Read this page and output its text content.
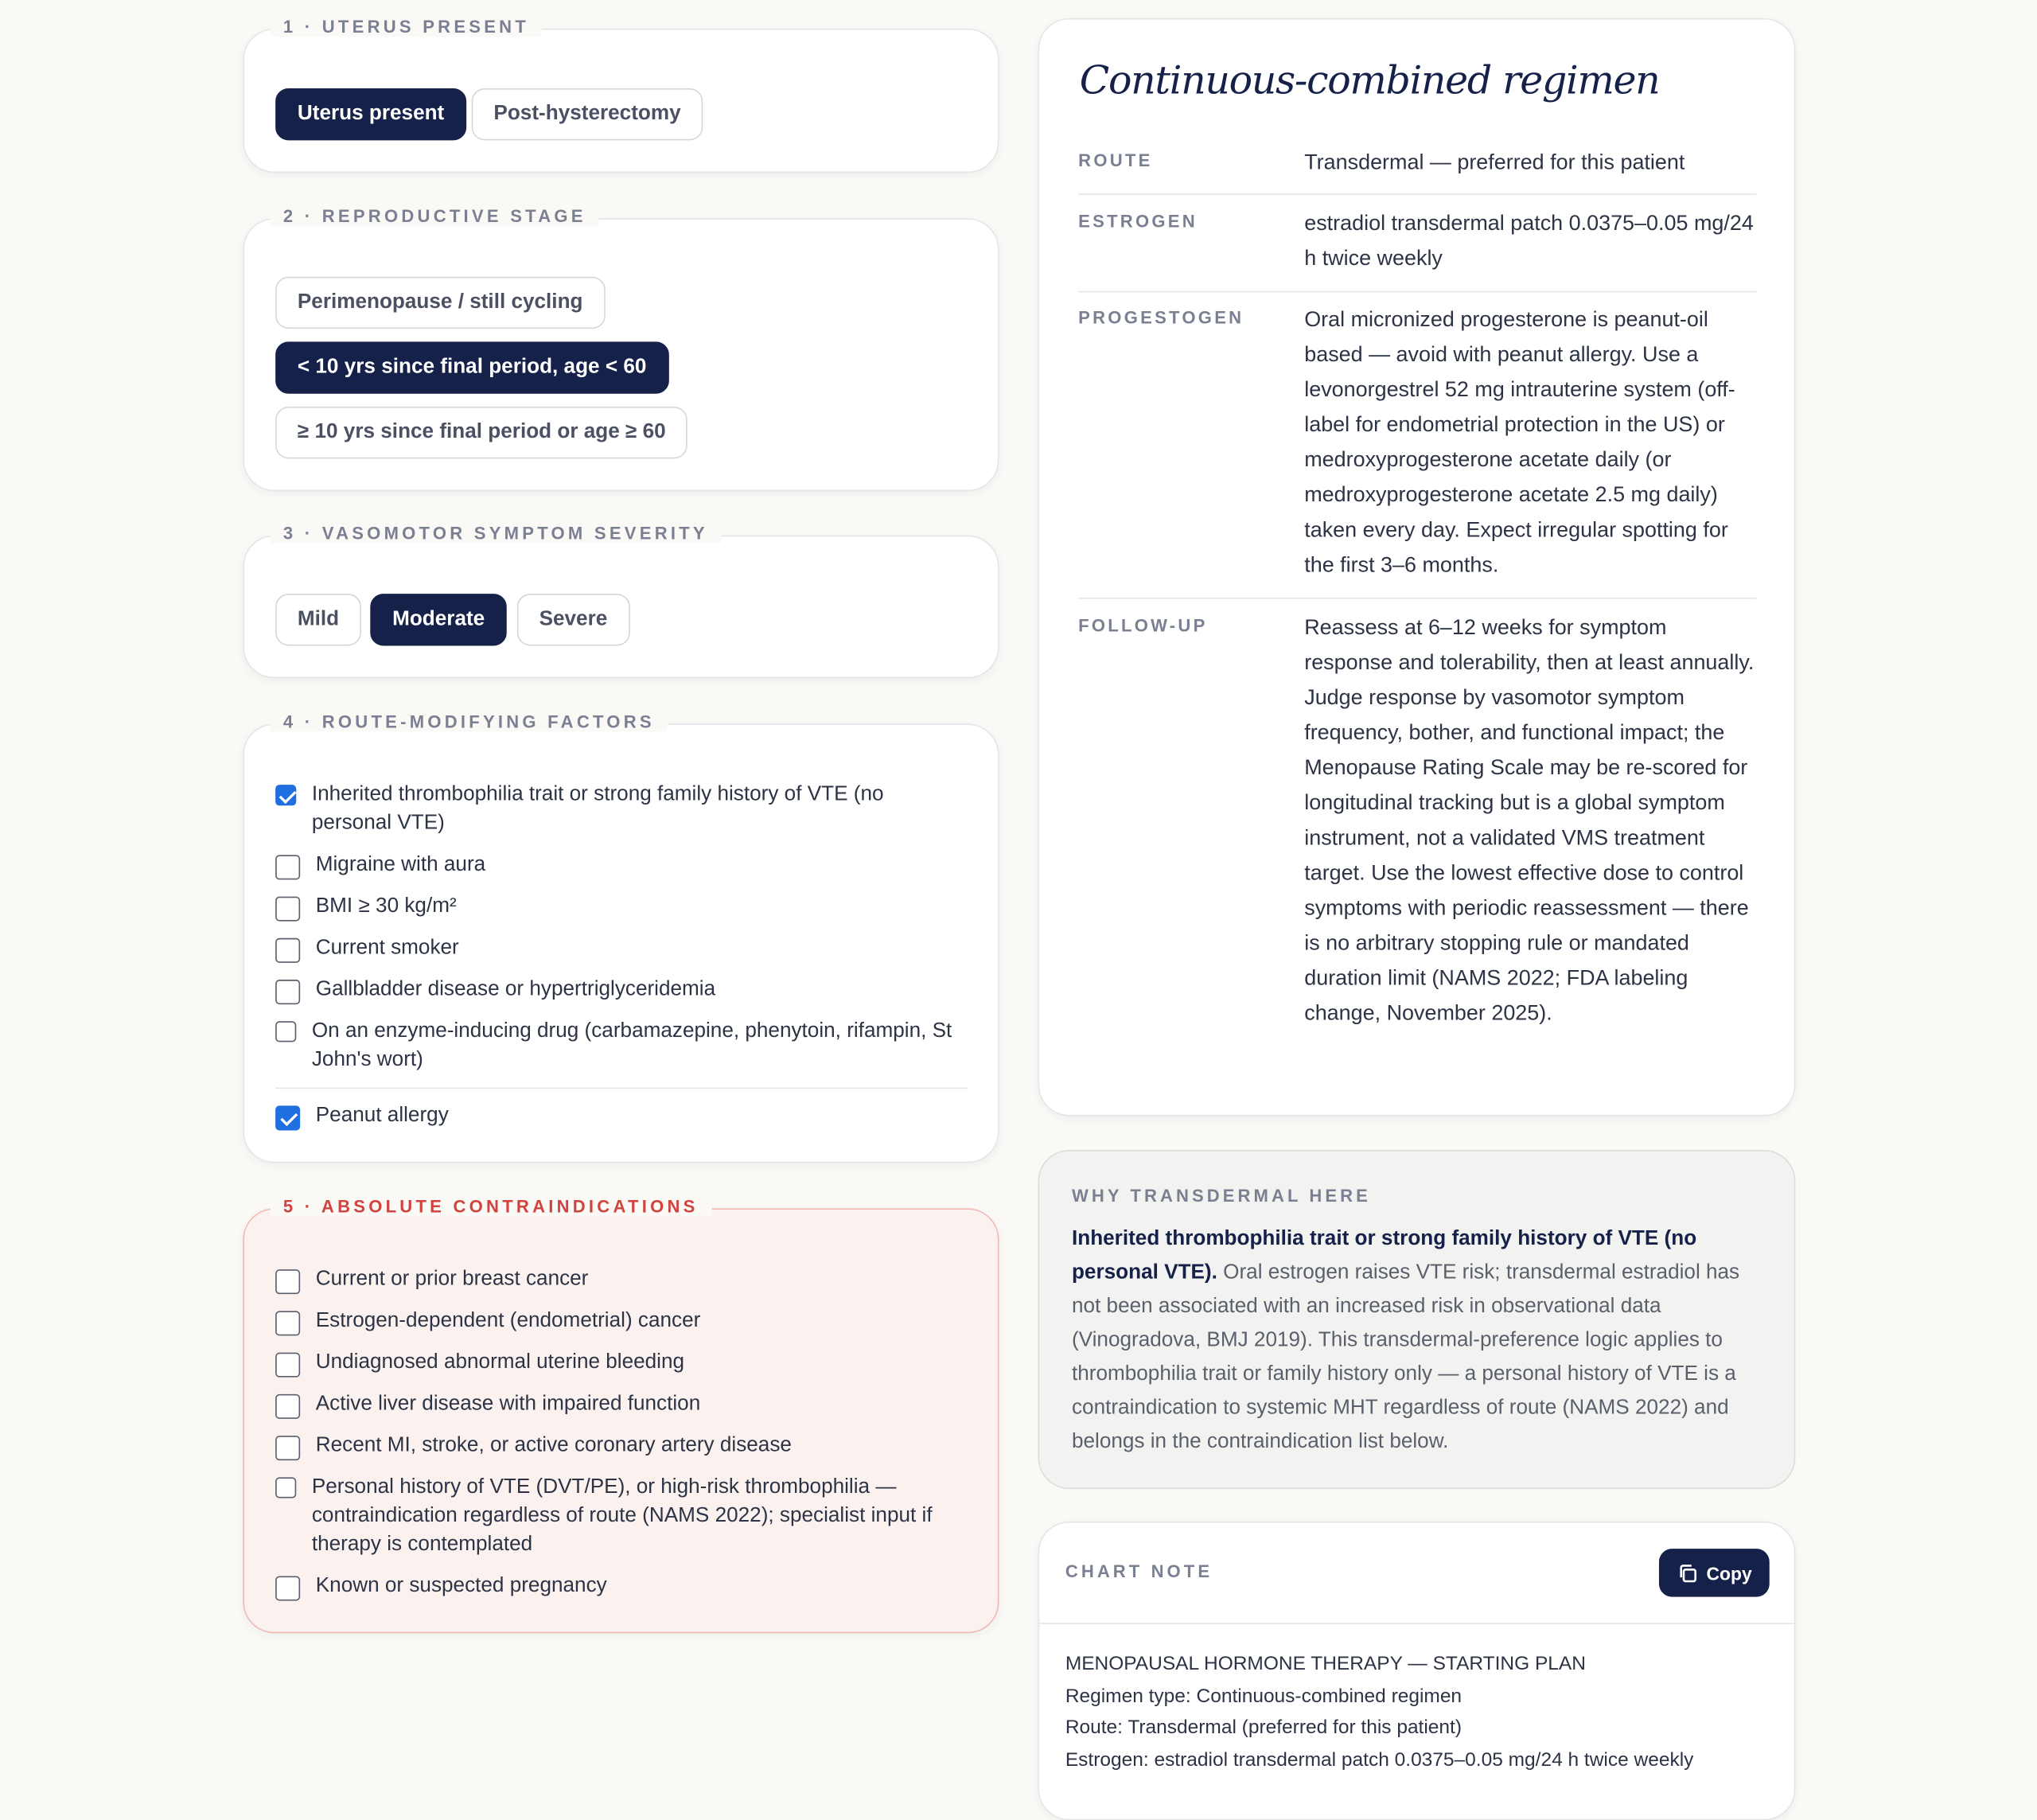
1 · UTERUS PRESENT
Uterus present	Post-hysterectomy
2 · REPRODUCTIVE STAGE
Perimenopause / still cycling
< 10 yrs since final period, age < 60
≥ 10 yrs since final period or age ≥ 60
3 · VASOMOTOR SYMPTOM SEVERITY
Mild	Moderate	Severe
4 · ROUTE-MODIFYING FACTORS
Inherited thrombophilia trait or strong family history of VTE (no personal VTE)
Migraine with aura
BMI ≥ 30 kg/m²
Current smoker
Gallbladder disease or hypertriglyceridemia
On an enzyme-inducing drug (carbamazepine, phenytoin, rifampin, St John's wort)
Peanut allergy
5 · ABSOLUTE CONTRAINDICATIONS
Current or prior breast cancer
Estrogen-dependent (endometrial) cancer
Undiagnosed abnormal uterine bleeding
Active liver disease with impaired function
Recent MI, stroke, or active coronary artery disease
Personal history of VTE (DVT/PE), or high-risk thrombophilia — contraindication regardless of route (NAMS 2022); specialist input if therapy is contemplated
Known or suspected pregnancy
Continuous-combined regimen
ROUTE	Transdermal — preferred for this patient
ESTROGEN	estradiol transdermal patch 0.0375–0.05 mg/24 h twice weekly
PROGESTOGEN	Oral micronized progesterone is peanut-oil based — avoid with peanut allergy. Use a levonorgestrel 52 mg intrauterine system (off-label for endometrial protection in the US) or medroxyprogesterone acetate daily (or medroxyprogesterone acetate 2.5 mg daily) taken every day. Expect irregular spotting for the first 3–6 months.
FOLLOW-UP	Reassess at 6–12 weeks for symptom response and tolerability, then at least annually. Judge response by vasomotor symptom frequency, bother, and functional impact; the Menopause Rating Scale may be re-scored for longitudinal tracking but is a global symptom instrument, not a validated VMS treatment target. Use the lowest effective dose to control symptoms with periodic reassessment — there is no arbitrary stopping rule or mandated duration limit (NAMS 2022; FDA labeling change, November 2025).
WHY TRANSDERMAL HERE
Inherited thrombophilia trait or strong family history of VTE (no personal VTE). Oral estrogen raises VTE risk; transdermal estradiol has not been associated with an increased risk in observational data (Vinogradova, BMJ 2019). This transdermal-preference logic applies to thrombophilia trait or family history only — a personal history of VTE is a contraindication to systemic MHT regardless of route (NAMS 2022) and belongs in the contraindication list below.
CHART NOTE	Copy
MENOPAUSAL HORMONE THERAPY — STARTING PLAN
Regimen type: Continuous-combined regimen
Route: Transdermal (preferred for this patient)
Estrogen: estradiol transdermal patch 0.0375–0.05 mg/24 h twice weekly
